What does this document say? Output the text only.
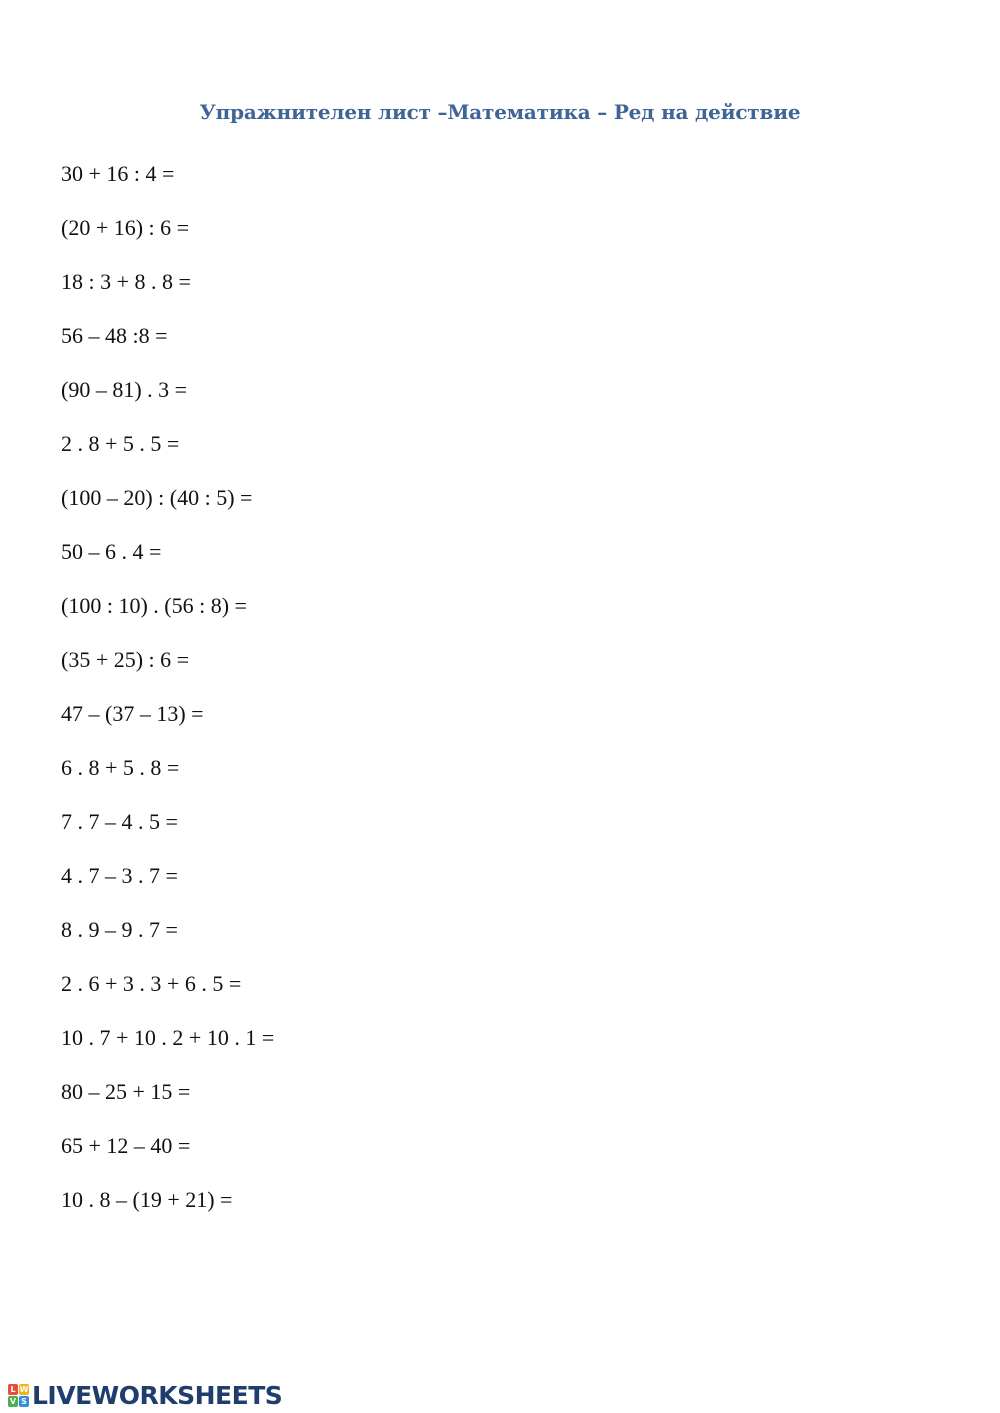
Упражнителен лист –Математика – Ред на действие
30 + 16 : 4 =
(20 + 16) : 6 =
18 : 3 + 8 . 8 =
56 – 48 :8 =
(90 – 81) . 3 =
2 . 8 + 5 . 5 =
(100 – 20) : (40 : 5) =
50 – 6 . 4 =
(100 : 10) . (56 : 8) =
(35 + 25) : 6 =
47 – (37 – 13) =
6 . 8 + 5 . 8 =
7 . 7 – 4 . 5 =
4 . 7 – 3 . 7 =
8 . 9 – 9 . 7 =
2 . 6 + 3 . 3 + 6 . 5 =
10 . 7 + 10 . 2 + 10 . 1 =
80 – 25 + 15 =
65 + 12 – 40 =
10 . 8 – (19 + 21) =
L W
V S LIVEWORKSHEETS
